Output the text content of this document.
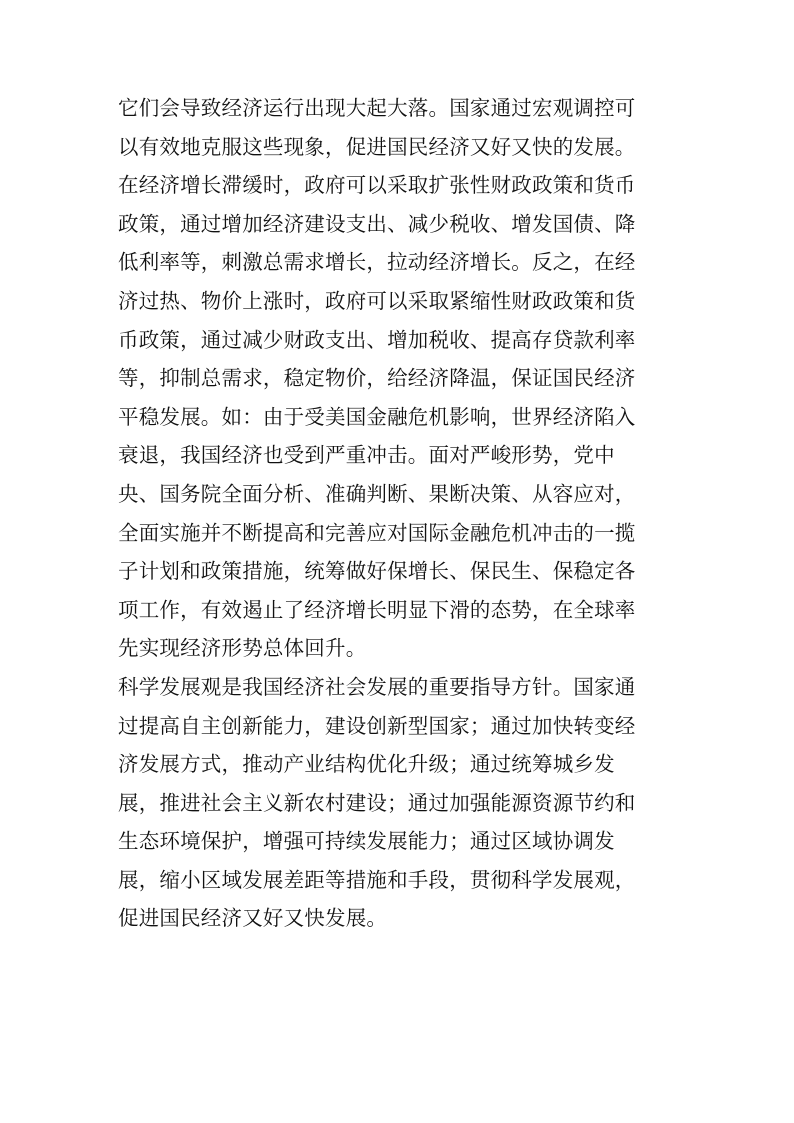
它们会导致经济运行出现大起大落。国家通过宏观调控可
以有效地克服这些现象，促进国民经济又好又快的发展。
在经济增长滞缓时，政府可以采取扩张性财政政策和货币
政策，通过增加经济建设支出、减少税收、增发国债、降
低利率等，刺激总需求增长，拉动经济增长。反之，在经
济过热、物价上涨时，政府可以采取紧缩性财政政策和货
币政策，通过减少财政支出、增加税收、提高存贷款利率
等，抑制总需求，稳定物价，给经济降温，保证国民经济
平稳发展。如：由于受美国金融危机影响，世界经济陷入
衰退，我国经济也受到严重冲击。面对严峻形势，党中
央、国务院全面分析、准确判断、果断决策、从容应对，
全面实施并不断提高和完善应对国际金融危机冲击的一揽
子计划和政策措施，统筹做好保增长、保民生、保稳定各
项工作，有效遏止了经济增长明显下滑的态势，在全球率
先实现经济形势总体回升。
科学发展观是我国经济社会发展的重要指导方针。国家通
过提高自主创新能力，建设创新型国家；通过加快转变经
济发展方式，推动产业结构优化升级；通过统筹城乡发
展，推进社会主义新农村建设；通过加强能源资源节约和
生态环境保护，增强可持续发展能力；通过区域协调发
展，缩小区域发展差距等措施和手段，贯彻科学发展观，
促进国民经济又好又快发展。
